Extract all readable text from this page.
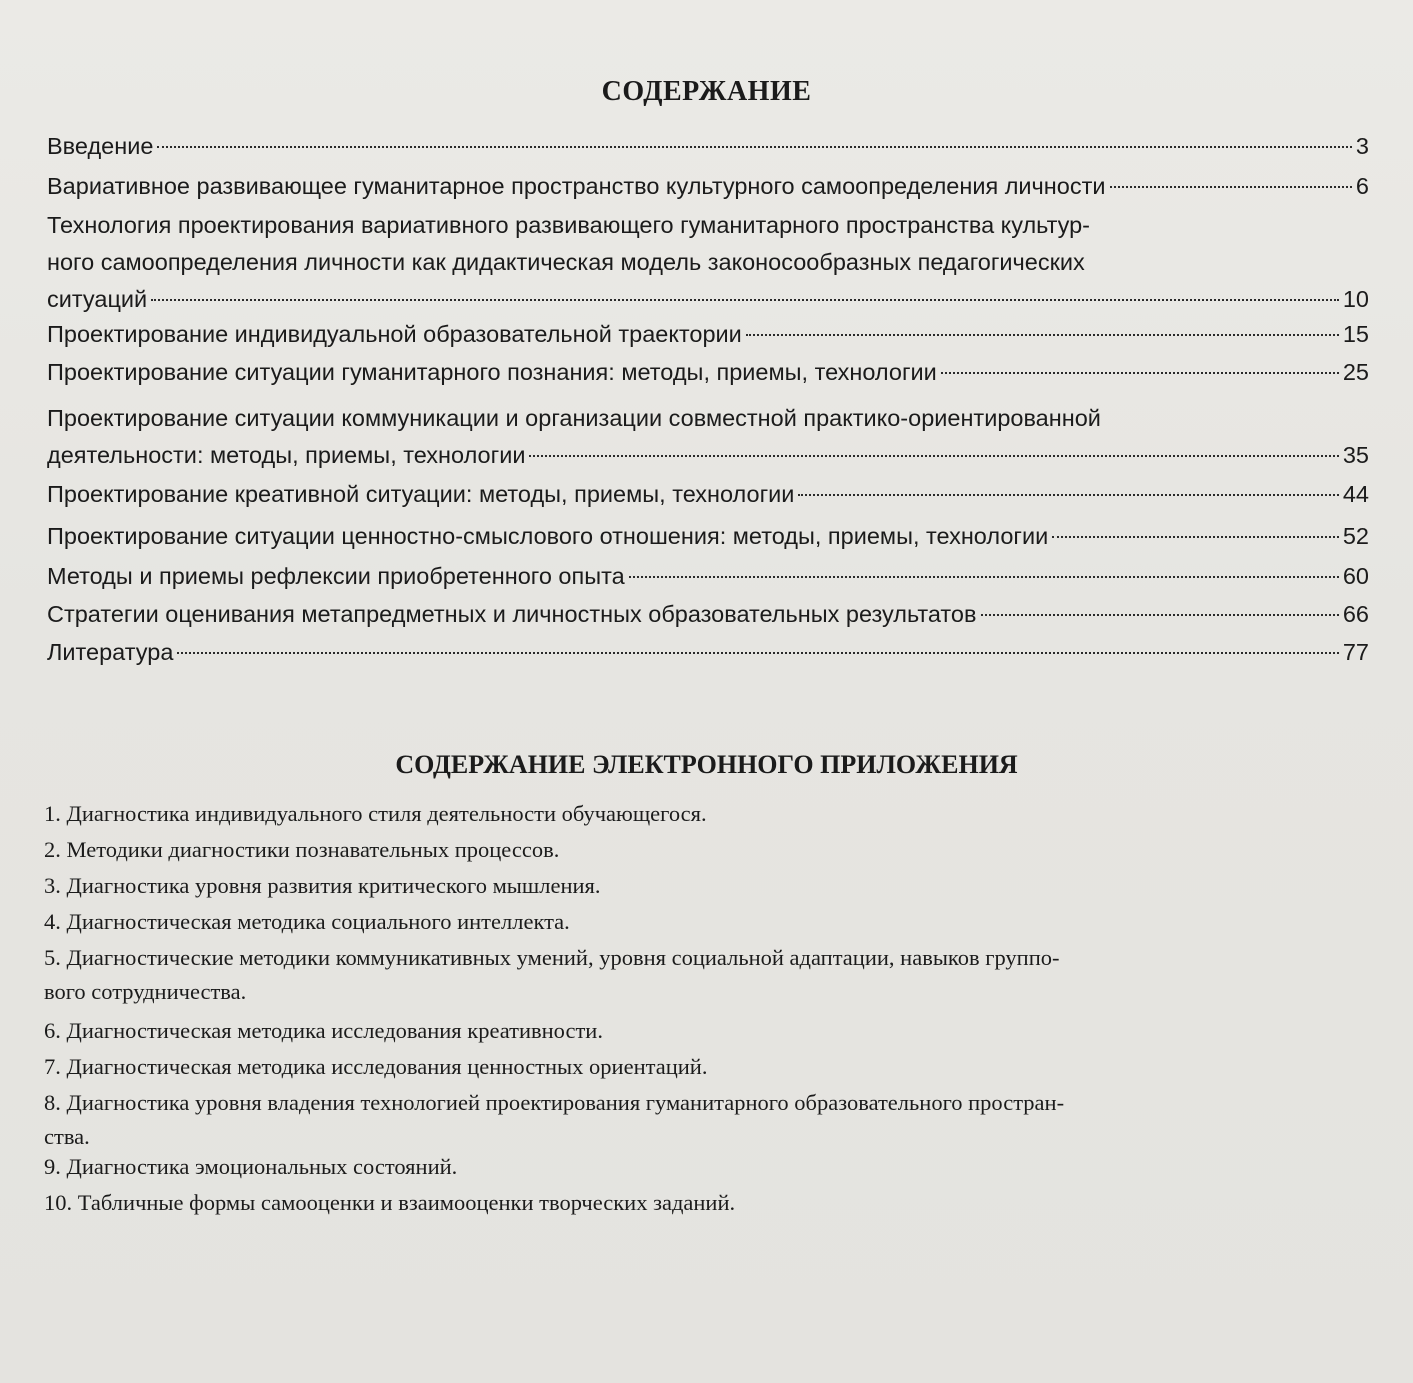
СОДЕРЖАНИЕ
Введение	3
Вариативное развивающее гуманитарное пространство культурного самоопределения личности	6
Технология проектирования вариативного развивающего гуманитарного пространства культур-
ного самоопределения личности как дидактическая модель законосообразных педагогических
ситуаций	10
Проектирование индивидуальной образовательной траектории	15
Проектирование ситуации гуманитарного познания: методы, приемы, технологии	25
Проектирование ситуации коммуникации и организации совместной практико-ориентированной
деятельности: методы, приемы, технологии	35
Проектирование креативной ситуации: методы, приемы, технологии	44
Проектирование ситуации ценностно-смыслового отношения: методы, приемы, технологии	52
Методы и приемы рефлексии приобретенного опыта	60
Стратегии оценивания метапредметных и личностных образовательных результатов	66
Литература	77
СОДЕРЖАНИЕ ЭЛЕКТРОННОГО ПРИЛОЖЕНИЯ
1. Диагностика индивидуального стиля деятельности обучающегося.
2. Методики диагностики познавательных процессов.
3. Диагностика уровня развития критического мышления.
4. Диагностическая методика социального интеллекта.
5. Диагностические методики коммуникативных умений, уровня социальной адаптации, навыков группо-
вого сотрудничества.
6. Диагностическая методика исследования креативности.
7. Диагностическая методика исследования ценностных ориентаций.
8. Диагностика уровня владения технологией проектирования гуманитарного образовательного простран-
ства.
9. Диагностика эмоциональных состояний.
10. Табличные формы самооценки и взаимооценки творческих заданий.
